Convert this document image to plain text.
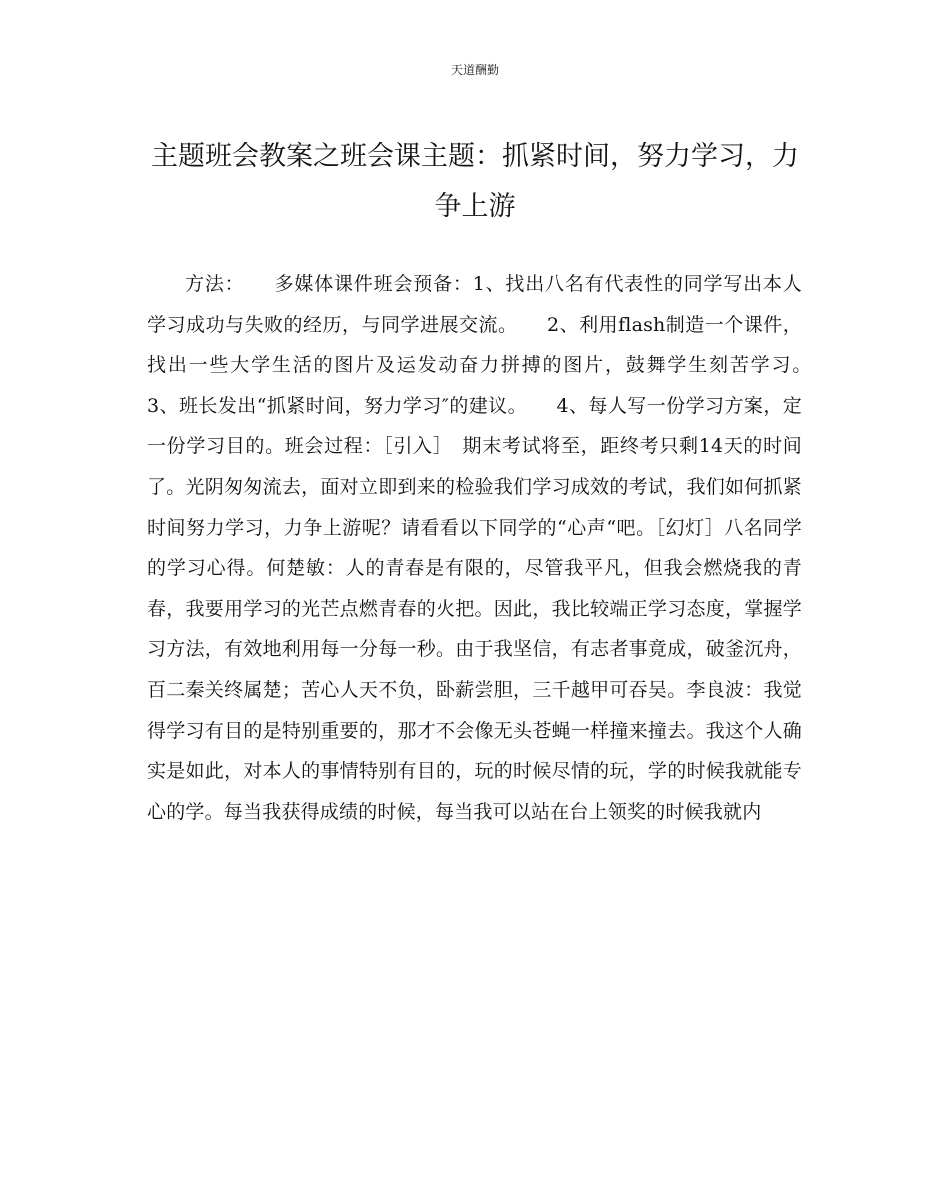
天道酬勤
主题班会教案之班会课主题：抓紧时间，努力学习，力争上游

方法：　　多媒体课件班会预备：1、找出八名有代表性的同学写出本人学习成功与失败的经历，与同学进展交流。　　2、利用flash制造一个课件，找出一些大学生活的图片及运发动奋力拼搏的图片，鼓舞学生刻苦学习。　　3、班长发出“抓紧时间，努力学习″的建议。　　4、每人写一份学习方案，定一份学习目的。班会过程：［引入］　期末考试将至，距终考只剩14天的时间了。光阴匆匆流去，面对立即到来的检验我们学习成效的考试，我们如何抓紧时间努力学习，力争上游呢？请看看以下同学的“心声“吧。［幻灯］八名同学的学习心得。何楚敏：人的青春是有限的，尽管我平凡，但我会燃烧我的青春，我要用学习的光芒点燃青春的火把。因此，我比较端正学习态度，掌握学习方法，有效地利用每一分每一秒。由于我坚信，有志者事竟成，破釜沉舟，百二秦关终属楚；苦心人天不负，卧薪尝胆，三千越甲可吞吴。李良波：我觉得学习有目的是特别重要的，那才不会像无头苍蝇一样撞来撞去。我这个人确实是如此，对本人的事情特别有目的，玩的时候尽情的玩，学的时候我就能专心的学。每当我获得成绩的时候，每当我可以站在台上领奖的时候我就内
